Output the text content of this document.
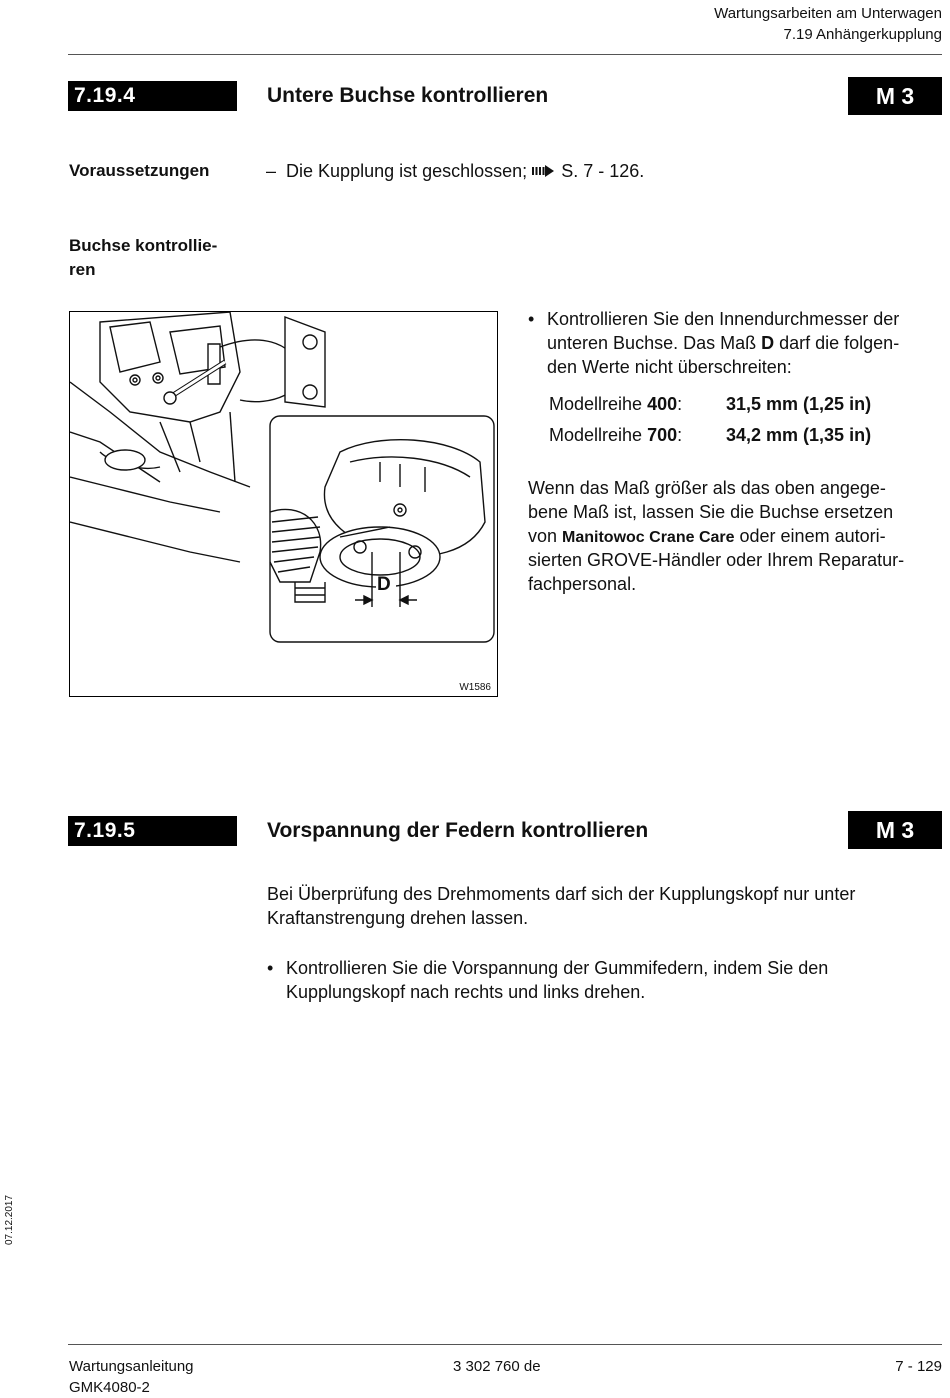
Wartungsarbeiten am Unterwagen
7.19 Anhängerkupplung
7.19.4	Untere Buchse kontrollieren	M 3
Voraussetzungen	– Die Kupplung ist geschlossen; S. 7 - 126.
Buchse kontrollie-
ren
D
W1586
• Kontrollieren Sie den Innendurchmesser der
unteren Buchse. Das Maß D darf die folgen-
den Werte nicht überschreiten:
Modellreihe 400: 31,5 mm (1,25 in)
Modellreihe 700: 34,2 mm (1,35 in)
Wenn das Maß größer als das oben angege-
bene Maß ist, lassen Sie die Buchse ersetzen
von Manitowoc Crane Care oder einem autori-
sierten GROVE-Händler oder Ihrem Reparatur-
fachpersonal.
7.19.5	Vorspannung der Federn kontrollieren	M 3
Bei Überprüfung des Drehmoments darf sich der Kupplungskopf nur unter
Kraftanstrengung drehen lassen.
• Kontrollieren Sie die Vorspannung der Gummifedern, indem Sie den
Kupplungskopf nach rechts und links drehen.
07.12.2017
Wartungsanleitung
GMK4080-2
3 302 760 de	7 - 129
